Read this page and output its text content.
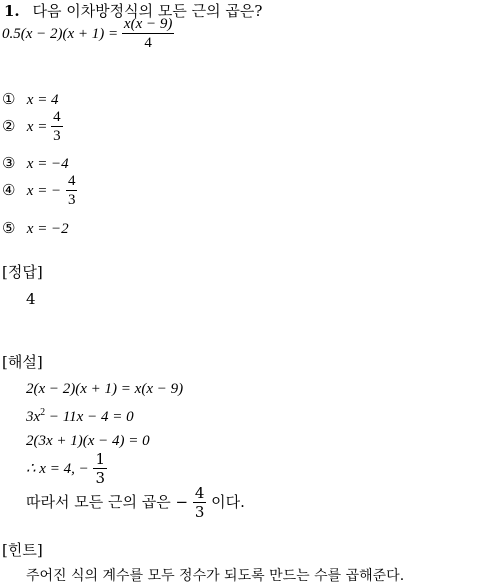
1. 다음 이차방정식의 모든 근의 곱은?
$0.5(x - 2)(x + 1) = \frac{x(x - 9)}{4}$
① x = 4
② $x = \frac{4}{3}$
③ x = −4
④ x = − $\frac{4}{3}$
⑤ x = −2
[정답]
4
[해설]
2(x − 2)(x + 1) = x(x − 9)
$3x^2 - 11x - 4 = 0$
2(3x + 1)(x − 4) = 0
∴ x = 4, − $\frac{1}{3}$
따라서 모든 근의 곱은 − $\frac{4}{3}$ 이다.
[힌트]
주어진 식의 계수를 모두 정수가 되도록 만드는 수를 곱해준다.
